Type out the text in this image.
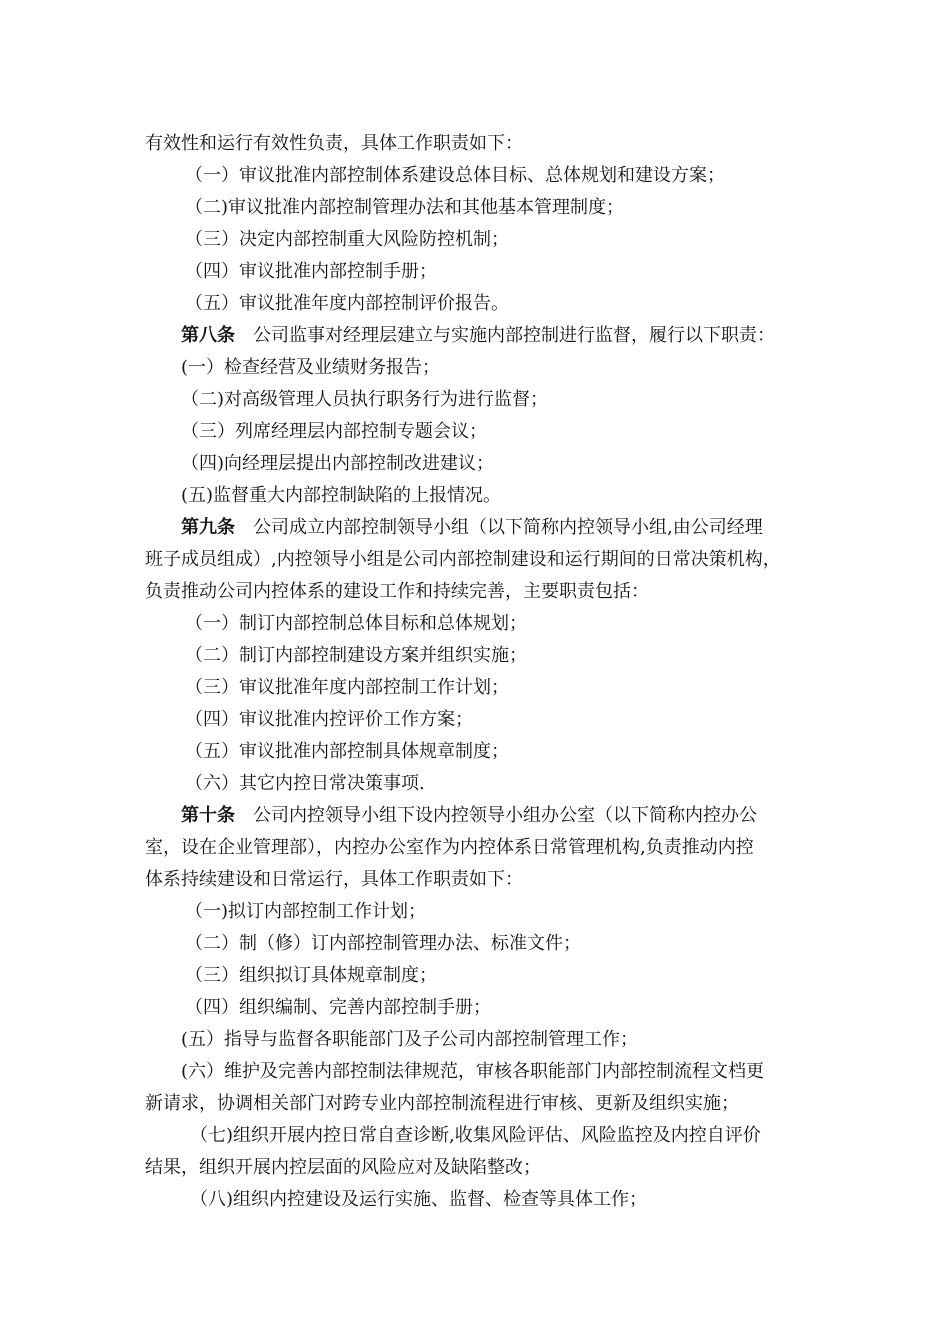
有效性和运行有效性负责，具体工作职责如下：
（一）审议批准内部控制体系建设总体目标、总体规划和建设方案；
（二)审议批准内部控制管理办法和其他基本管理制度；
（三）决定内部控制重大风险防控机制；
（四）审议批准内部控制手册；
（五）审议批准年度内部控制评价报告。
第八条 公司监事对经理层建立与实施内部控制进行监督，履行以下职责：
(一）检查经营及业绩财务报告；
（二)对高级管理人员执行职务行为进行监督；
（三）列席经理层内部控制专题会议；
（四)向经理层提出内部控制改进建议；
(五)监督重大内部控制缺陷的上报情况。
第九条 公司成立内部控制领导小组（以下简称内控领导小组,由公司经理
班子成员组成）,内控领导小组是公司内部控制建设和运行期间的日常决策机构，
负责推动公司内控体系的建设工作和持续完善，主要职责包括：
（一）制订内部控制总体目标和总体规划；
（二）制订内部控制建设方案并组织实施；
（三）审议批准年度内部控制工作计划；
（四）审议批准内控评价工作方案；
（五）审议批准内部控制具体规章制度；
（六）其它内控日常决策事项.
第十条 公司内控领导小组下设内控领导小组办公室（以下简称内控办公
室，设在企业管理部），内控办公室作为内控体系日常管理机构,负责推动内控
体系持续建设和日常运行，具体工作职责如下：
（一)拟订内部控制工作计划；
（二）制（修）订内部控制管理办法、标准文件；
（三）组织拟订具体规章制度；
（四）组织编制、完善内部控制手册；
(五）指导与监督各职能部门及子公司内部控制管理工作；
(六）维护及完善内部控制法律规范，审核各职能部门内部控制流程文档更
新请求，协调相关部门对跨专业内部控制流程进行审核、更新及组织实施；
（七)组织开展内控日常自查诊断,收集风险评估、风险监控及内控自评价
结果，组织开展内控层面的风险应对及缺陷整改；
（八)组织内控建设及运行实施、监督、检查等具体工作；
